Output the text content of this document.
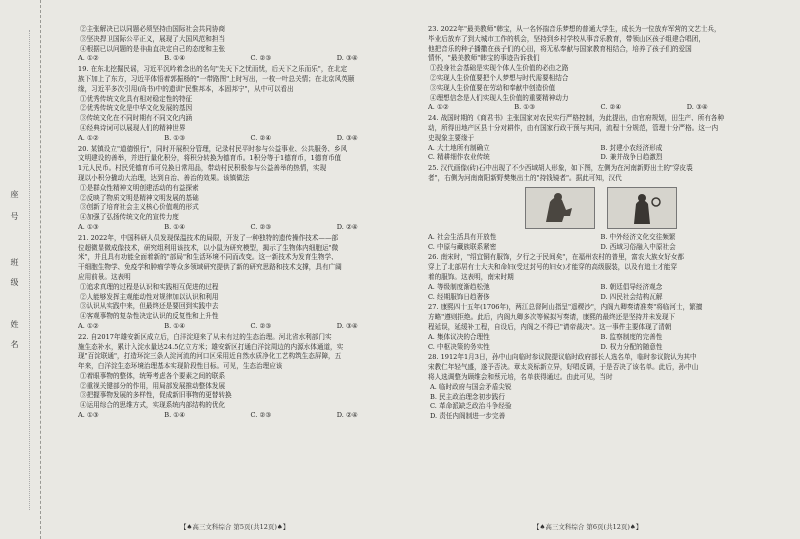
座
号
班
级
姓
名
②主张解决已以同题必须坚持由国际社会共同协商
③坚决捍卫国际公平正义，展现了大国风范和担当
④根据已以问题的是非曲直决定自己的态度和主张
A. ①②	B. ①④	C. ②③	D. ③④
19. 在东北挖掘民谣，习近平沉吟着念出的名句"先天下之忧而忧，后天下之乐而乐"，在北定
族下加上了东方，习近平体悟着郭振杨的"一带路图"上时写出，一枚一叶总关情；在北京风英颐
缘，习近平多次引用(尚书)中的遗训"民惟邦本，本固邦宁"，从中可以看出
①优秀传统文化具有相对稳定性的特征
②优秀传统文化是中华文化发展的基因
③传统文化在不同时期有不同文化内涵
④经典诗词可以展现人们的精神世界
A. ①②	B. ①③	C. ②④	D. ③④
20. 某镇设立"道德银行"，同时开展积分管理，记录村民平时参与公益事业、公共服务、乡风
文明建设的善举，并进行量化积分，将积分转换为德育币。1积分等于1德育币，1德育币值
1元人民币。村民凭德育币可兑换日常用品，带动村民积极参与公益善举的热情，实现
现以小积分撬动大治理，达到自治、善治的效果。该镇做法
①是群众性精神文明创建活动的有益探索
②反映了物质文明是精神文明发展的基础
③创新了培育社会主义核心价值观的形式
④加强了弘扬传统文化的宣传力度
A. ①③	B. ①④	C. ②③	D. ②④
21. 2022年，中国科研人员发现保温技术的局限，开发了一种独特的遗传操作技术——部
位超微显微成像技术，研究组利用该技术，以小鼠为研究模型，揭示了生物体内细胞运"微
米"，并且具有功能全面着新的"部局"和生活环境不同而改变。这一新技术为发育生物学、
干细胞生物学、免疫学和肿瘤学等众多领域研究提供了新的研究思路和技术支撑，具有广阔
应用前景。这表明
①追求真理的过程是认识和实践相互促进的过程
②人能够发挥主观能动性对规律加以认识和利用
③认识从实践中来，但最终还是要回到实践中去
④客观事物的复杂性决定认识的反复性和上升性
A. ①②	B. ①④	C. ②③	D. ③④
22. 自2017年雄安新区成立后，白洋淀迎来了从未有过的生态治理。河北省水利部门实
施生态补水，累计入淀水量达24.5亿立方米；雄安新区打通白洋淀周边的内源水体通道，实
现"百淀联通"，打造环淀三条人淀河流的河口区采用近自然水质净化工艺构筑生态屏障，五
年来，白洋淀生态环境治理基本实现阶段性目标。可见，生态治理应该
①着眼事物的整体，统筹考虑各个要素之间的联系
②重视关键部分的作用，用局部发展推动整体发展
③把握事物发展的多样性，促成新旧事物的更替转换
④运用综合的思维方式，实现系统内部结构的优化
A. ①③	B. ①④	C. ②③	D. ②④
23. 2022年"最美教师"韩宝，从一名怀揣音乐梦想的普通大学生，成长为一位放弃军营的文艺士兵，
毕业后放弃了到大城市工作的机会，坚持到乡村学校从事音乐教育，带领山区孩子组建合唱团，
他把音乐的种子播撒在孩子们的心田，将无私奉献与国家教育相结合，培养了孩子们的爱国
情怀，"最美教师"韩宝的事迹告诉我们
①投身社会基础是实现个体人生价值的必由之路
②实现人生价值要把个人梦想与时代需要相结合
③实现人生价值要在劳动和奉献中创造价值
④理想信念是人们实现人生价值的重要精神动力
A. ①②	B. ①③	C. ②④	D. ③④
24. 战国时期的《商君书》主张国家对农民实行严格控制，为此提出，由官府规划，田生产、所有各种
动，所得田地产区县十分对耕作，由有国家行政干预与其同，流程十分规范，管理十分严格。这一内
史现象主要缘于
A. 大土地所有制确立	B. 封建小农经济形成
C. 精耕细作农业传统	D. 兼并战争日趋激烈
25. 汉代画像(砖)石中出现了不少西域胡人形象，如下图，左侧为在河南新野出土的"穿皮裘
者"，右侧为河南南阳新野樊集出土的"持钱镜者"。据此可知，汉代
A. 社会生活具有开放性	B. 中外经济文化交往频繁
C. 中原与藏族联系紧密	D. 西域习俗融入中原社会
26. 南宋时，"绍宜铜有服饰，夕行之于民间矣"，在福州农村的普里，富农大族女好女都
穿上了北部居有士大夫和命妇(受过封号的妇女)才能穿的高级服装，以及有追士才能穿
着的服饰。这表明，南宋时期
A. 等级制度渐趋松弛	B. 朝廷倡导经济观念
C. 经期服饰日趋奢侈	D. 四民社会结构瓦解
27. 康熙四十五年(1706年)，两江总督阿山指呈"遥稷沙"，内阁九卿奏请准奏"将临河士，繁擅
方略"遵则拒绝。此后，内阁九卿多次等候拟写奏请，康熙的最终还是坚持并未发现下
程延误，延缓补工程，自设后，内阁之不得已"请帝裁决"。这一事件主要体现了清朝
A. 集体议决的合理性	B. 监察制度的完善性
C. 中枢决策的务实性	D. 权力分配的随意性
28. 1912年1月3日，孙中山向临时参议院提议临时政府部长人选名单，临时参议院认为其中
宋教仁年轻气盛，遂予否决。章太炎标新立异，好唱反调，于是否决了该名单。此后，孙中山
将人选调整为顾维会和蔡元培，名单获得通过。由此可见，当时
A. 临时政府与国会矛盾尖锐
B. 民主政治理念初步践行
C. 革命派缺乏政治斗争经验
D. 责任内阁制进一步完善
【♠高三文科综合 第5页(共12页)♠】	【♠高三文科综合 第6页(共12页)♠】
